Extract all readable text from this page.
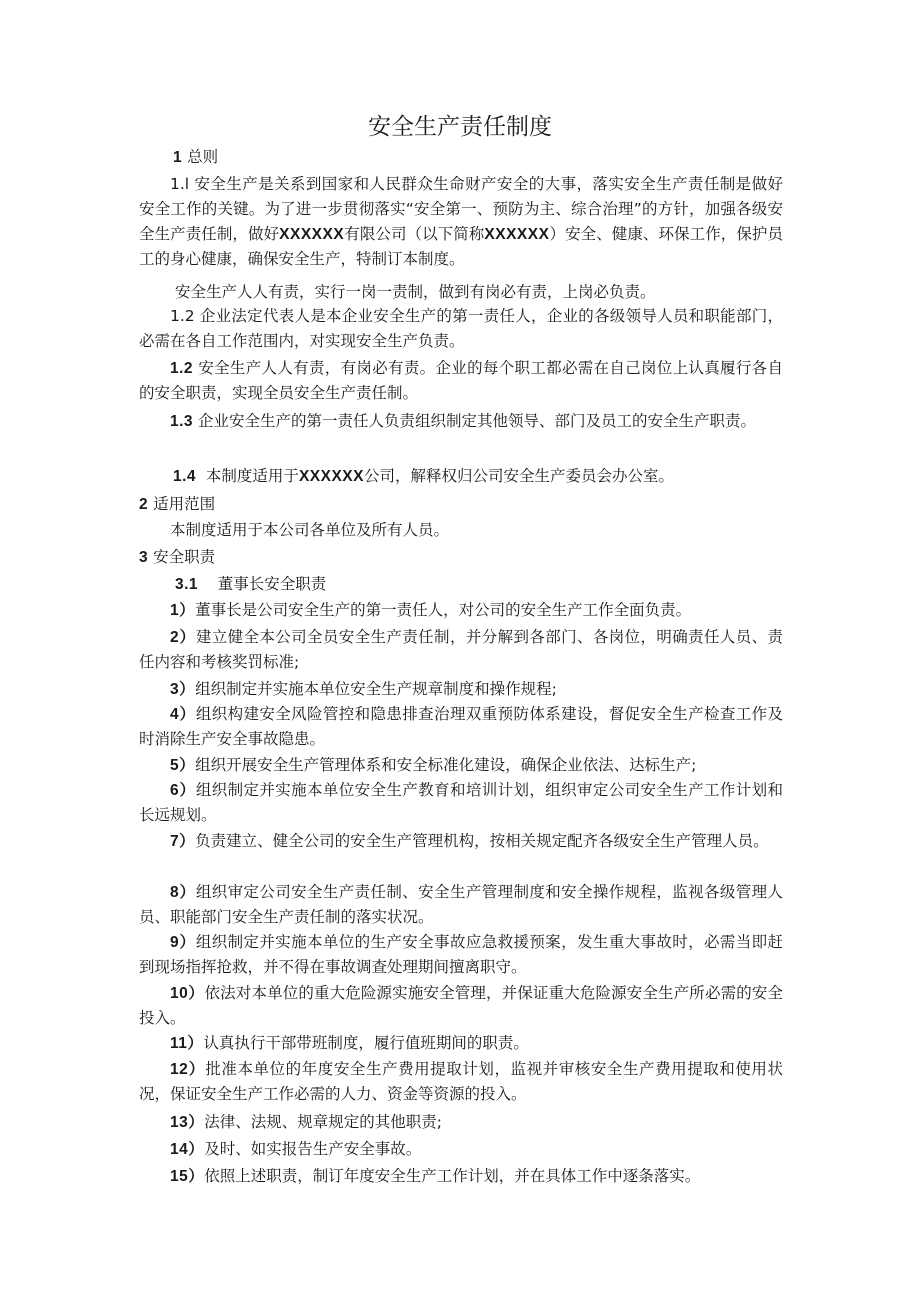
安全生产责任制度
1 总则
1.l 安全生产是关系到国家和人民群众生命财产安全的大事，落实安全生产责任制是做好安全工作的关键。为了进一步贯彻落实“安全第一、预防为主、综合治理”的方针，加强各级安全生产责任制，做好XXXXXX有限公司（以下简称XXXXXX）安全、健康、环保工作，保护员工的身心健康，确保安全生产，特制订本制度。
安全生产人人有责，实行一岗一责制，做到有岗必有责，上岗必负责。
1.2 企业法定代表人是本企业安全生产的第一责任人，企业的各级领导人员和职能部门，必需在各自工作范围内，对实现安全生产负责。
1.2 安全生产人人有责，有岗必有责。企业的每个职工都必需在自己岗位上认真履行各自的安全职责，实现全员安全生产责任制。
1.3 企业安全生产的第一责任人负责组织制定其他领导、部门及员工的安全生产职责。
1.4 本制度适用于XXXXXX公司，解释权归公司安全生产委员会办公室。
2 适用范围
本制度适用于本公司各单位及所有人员。
3 安全职责
3.1 董事长安全职责
1）董事长是公司安全生产的第一责任人，对公司的安全生产工作全面负责。
2）建立健全本公司全员安全生产责任制，并分解到各部门、各岗位，明确责任人员、责任内容和考核奖罚标准;
3）组织制定并实施本单位安全生产规章制度和操作规程;
4）组织构建安全风险管控和隐患排查治理双重预防体系建设，督促安全生产检查工作及时消除生产安全事故隐患。
5）组织开展安全生产管理体系和安全标准化建设，确保企业依法、达标生产;
6）组织制定并实施本单位安全生产教育和培训计划，组织审定公司安全生产工作计划和长远规划。
7）负责建立、健全公司的安全生产管理机构，按相关规定配齐各级安全生产管理人员。
8）组织审定公司安全生产责任制、安全生产管理制度和安全操作规程，监视各级管理人员、职能部门安全生产责任制的落实状况。
9）组织制定并实施本单位的生产安全事故应急救援预案，发生重大事故时，必需当即赶到现场指挥抢救，并不得在事故调查处理期间擅离职守。
10）依法对本单位的重大危险源实施安全管理，并保证重大危险源安全生产所必需的安全投入。
11）认真执行干部带班制度，履行值班期间的职责。
12）批准本单位的年度安全生产费用提取计划，监视并审核安全生产费用提取和使用状况，保证安全生产工作必需的人力、资金等资源的投入。
13）法律、法规、规章规定的其他职责;
14）及时、如实报告生产安全事故。
15）依照上述职责，制订年度安全生产工作计划，并在具体工作中逐条落实。
